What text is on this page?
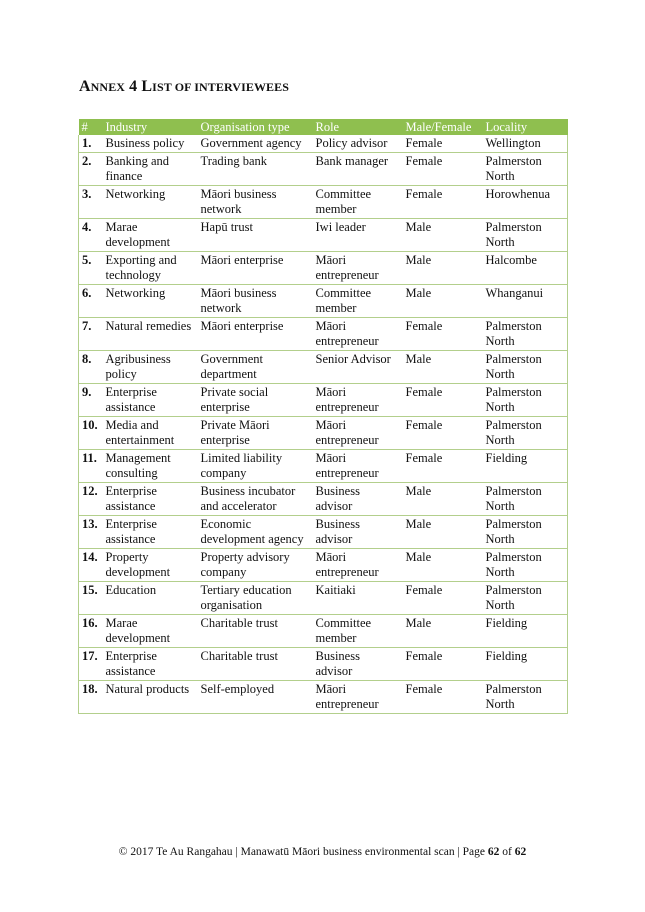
ANNEX 4 LIST OF INTERVIEWEES
#	Industry	Organisation type	Role	Male/Female	Locality
1.	Business policy	Government agency	Policy advisor	Female	Wellington
2.	Banking and finance	Trading bank	Bank manager	Female	Palmerston North
3.	Networking	Māori business network	Committee member	Female	Horowhenua
4.	Marae development	Hapū trust	Iwi leader	Male	Palmerston North
5.	Exporting and technology	Māori enterprise	Māori entrepreneur	Male	Halcombe
6.	Networking	Māori business network	Committee member	Male	Whanganui
7.	Natural remedies	Māori enterprise	Māori entrepreneur	Female	Palmerston North
8.	Agribusiness policy	Government department	Senior Advisor	Male	Palmerston North
9.	Enterprise assistance	Private social enterprise	Māori entrepreneur	Female	Palmerston North
10.	Media and entertainment	Private Māori enterprise	Māori entrepreneur	Female	Palmerston North
11.	Management consulting	Limited liability company	Māori entrepreneur	Female	Fielding
12.	Enterprise assistance	Business incubator and accelerator	Business advisor	Male	Palmerston North
13.	Enterprise assistance	Economic development agency	Business advisor	Male	Palmerston North
14.	Property development	Property advisory company	Māori entrepreneur	Male	Palmerston North
15.	Education	Tertiary education organisation	Kaitiaki	Female	Palmerston North
16.	Marae development	Charitable trust	Committee member	Male	Fielding
17.	Enterprise assistance	Charitable trust	Business advisor	Female	Fielding
18.	Natural products	Self-employed	Māori entrepreneur	Female	Palmerston North
© 2017 Te Au Rangahau | Manawatū Māori business environmental scan | Page 62 of 62
